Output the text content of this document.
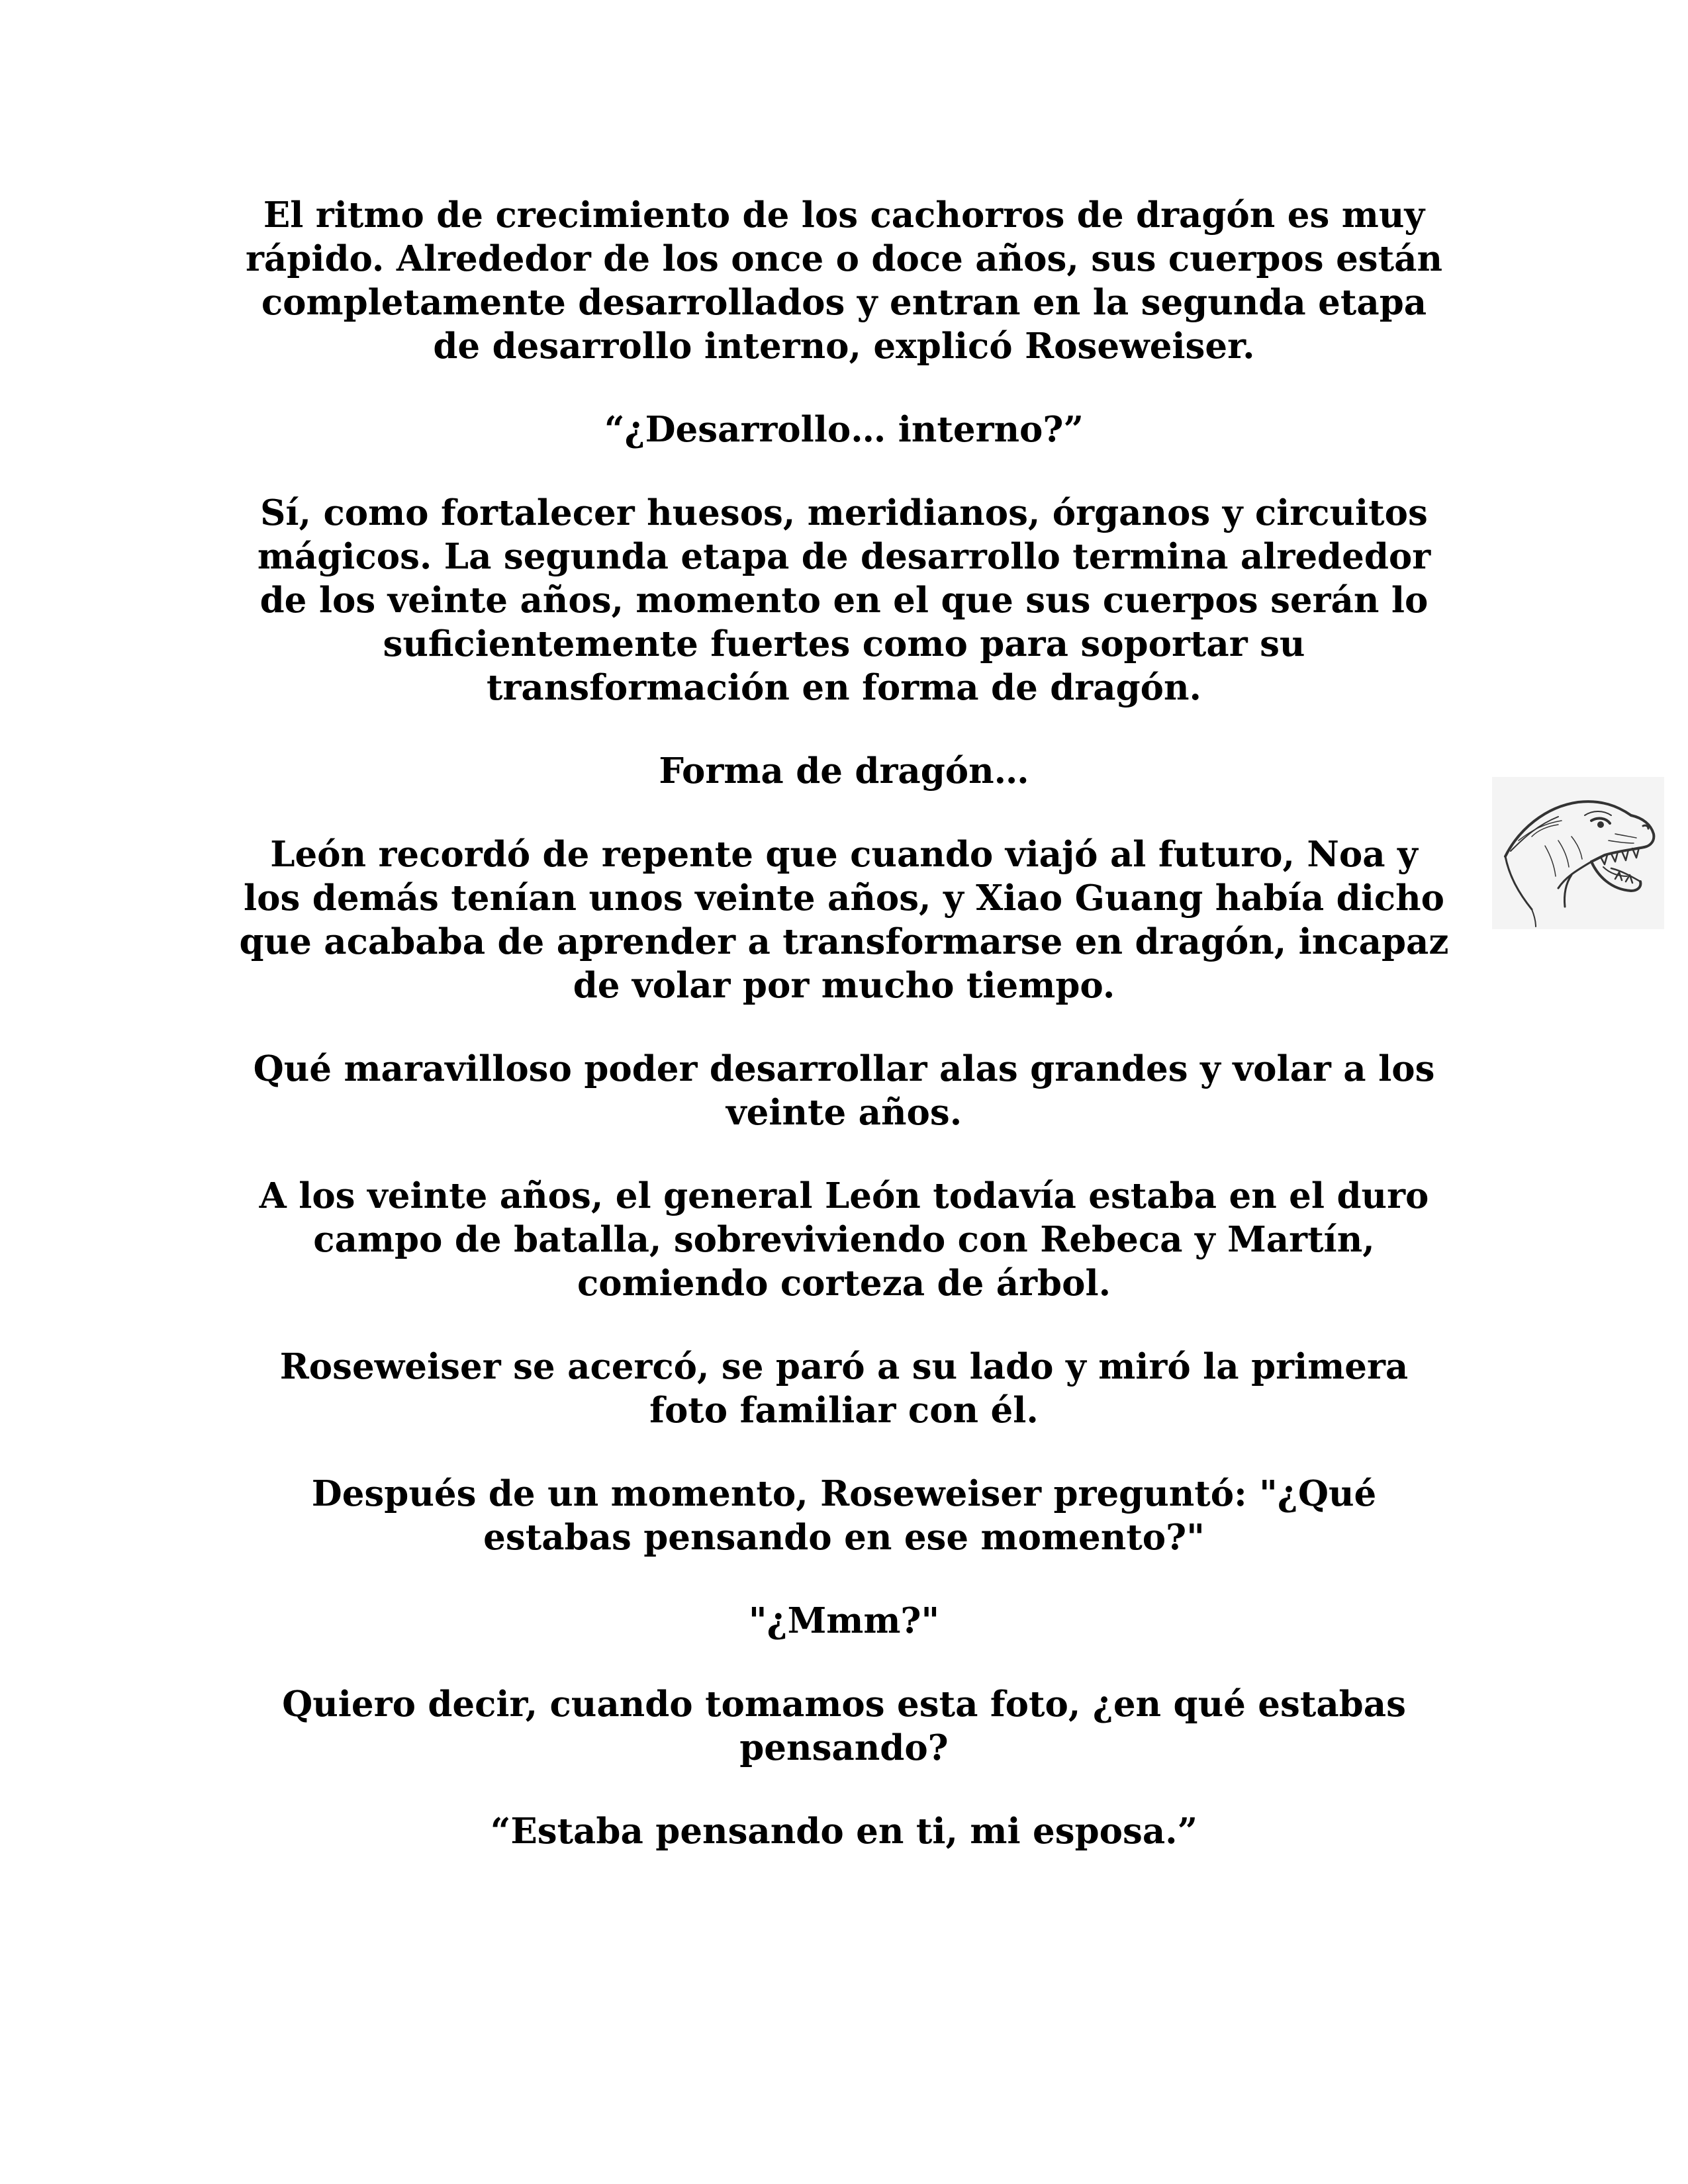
El ritmo de crecimiento de los cachorros de dragón es muy rápido. Alrededor de los once o doce años, sus cuerpos están completamente desarrollados y entran en la segunda etapa de desarrollo interno, explicó Roseweiser.

“¿Desarrollo… interno?”

Sí, como fortalecer huesos, meridianos, órganos y circuitos mágicos. La segunda etapa de desarrollo termina alrededor de los veinte años, momento en el que sus cuerpos serán lo suficientemente fuertes como para soportar su transformación en forma de dragón.

Forma de dragón…

León recordó de repente que cuando viajó al futuro, Noa y los demás tenían unos veinte años, y Xiao Guang había dicho que acababa de aprender a transformarse en dragón, incapaz de volar por mucho tiempo.

Qué maravilloso poder desarrollar alas grandes y volar a los veinte años.

A los veinte años, el general León todavía estaba en el duro campo de batalla, sobreviviendo con Rebeca y Martín, comiendo corteza de árbol.

Roseweiser se acercó, se paró a su lado y miró la primera foto familiar con él.

Después de un momento, Roseweiser preguntó: "¿Qué estabas pensando en ese momento?"

"¿Mmm?"

Quiero decir, cuando tomamos esta foto, ¿en qué estabas pensando?

“Estaba pensando en ti, mi esposa.”
